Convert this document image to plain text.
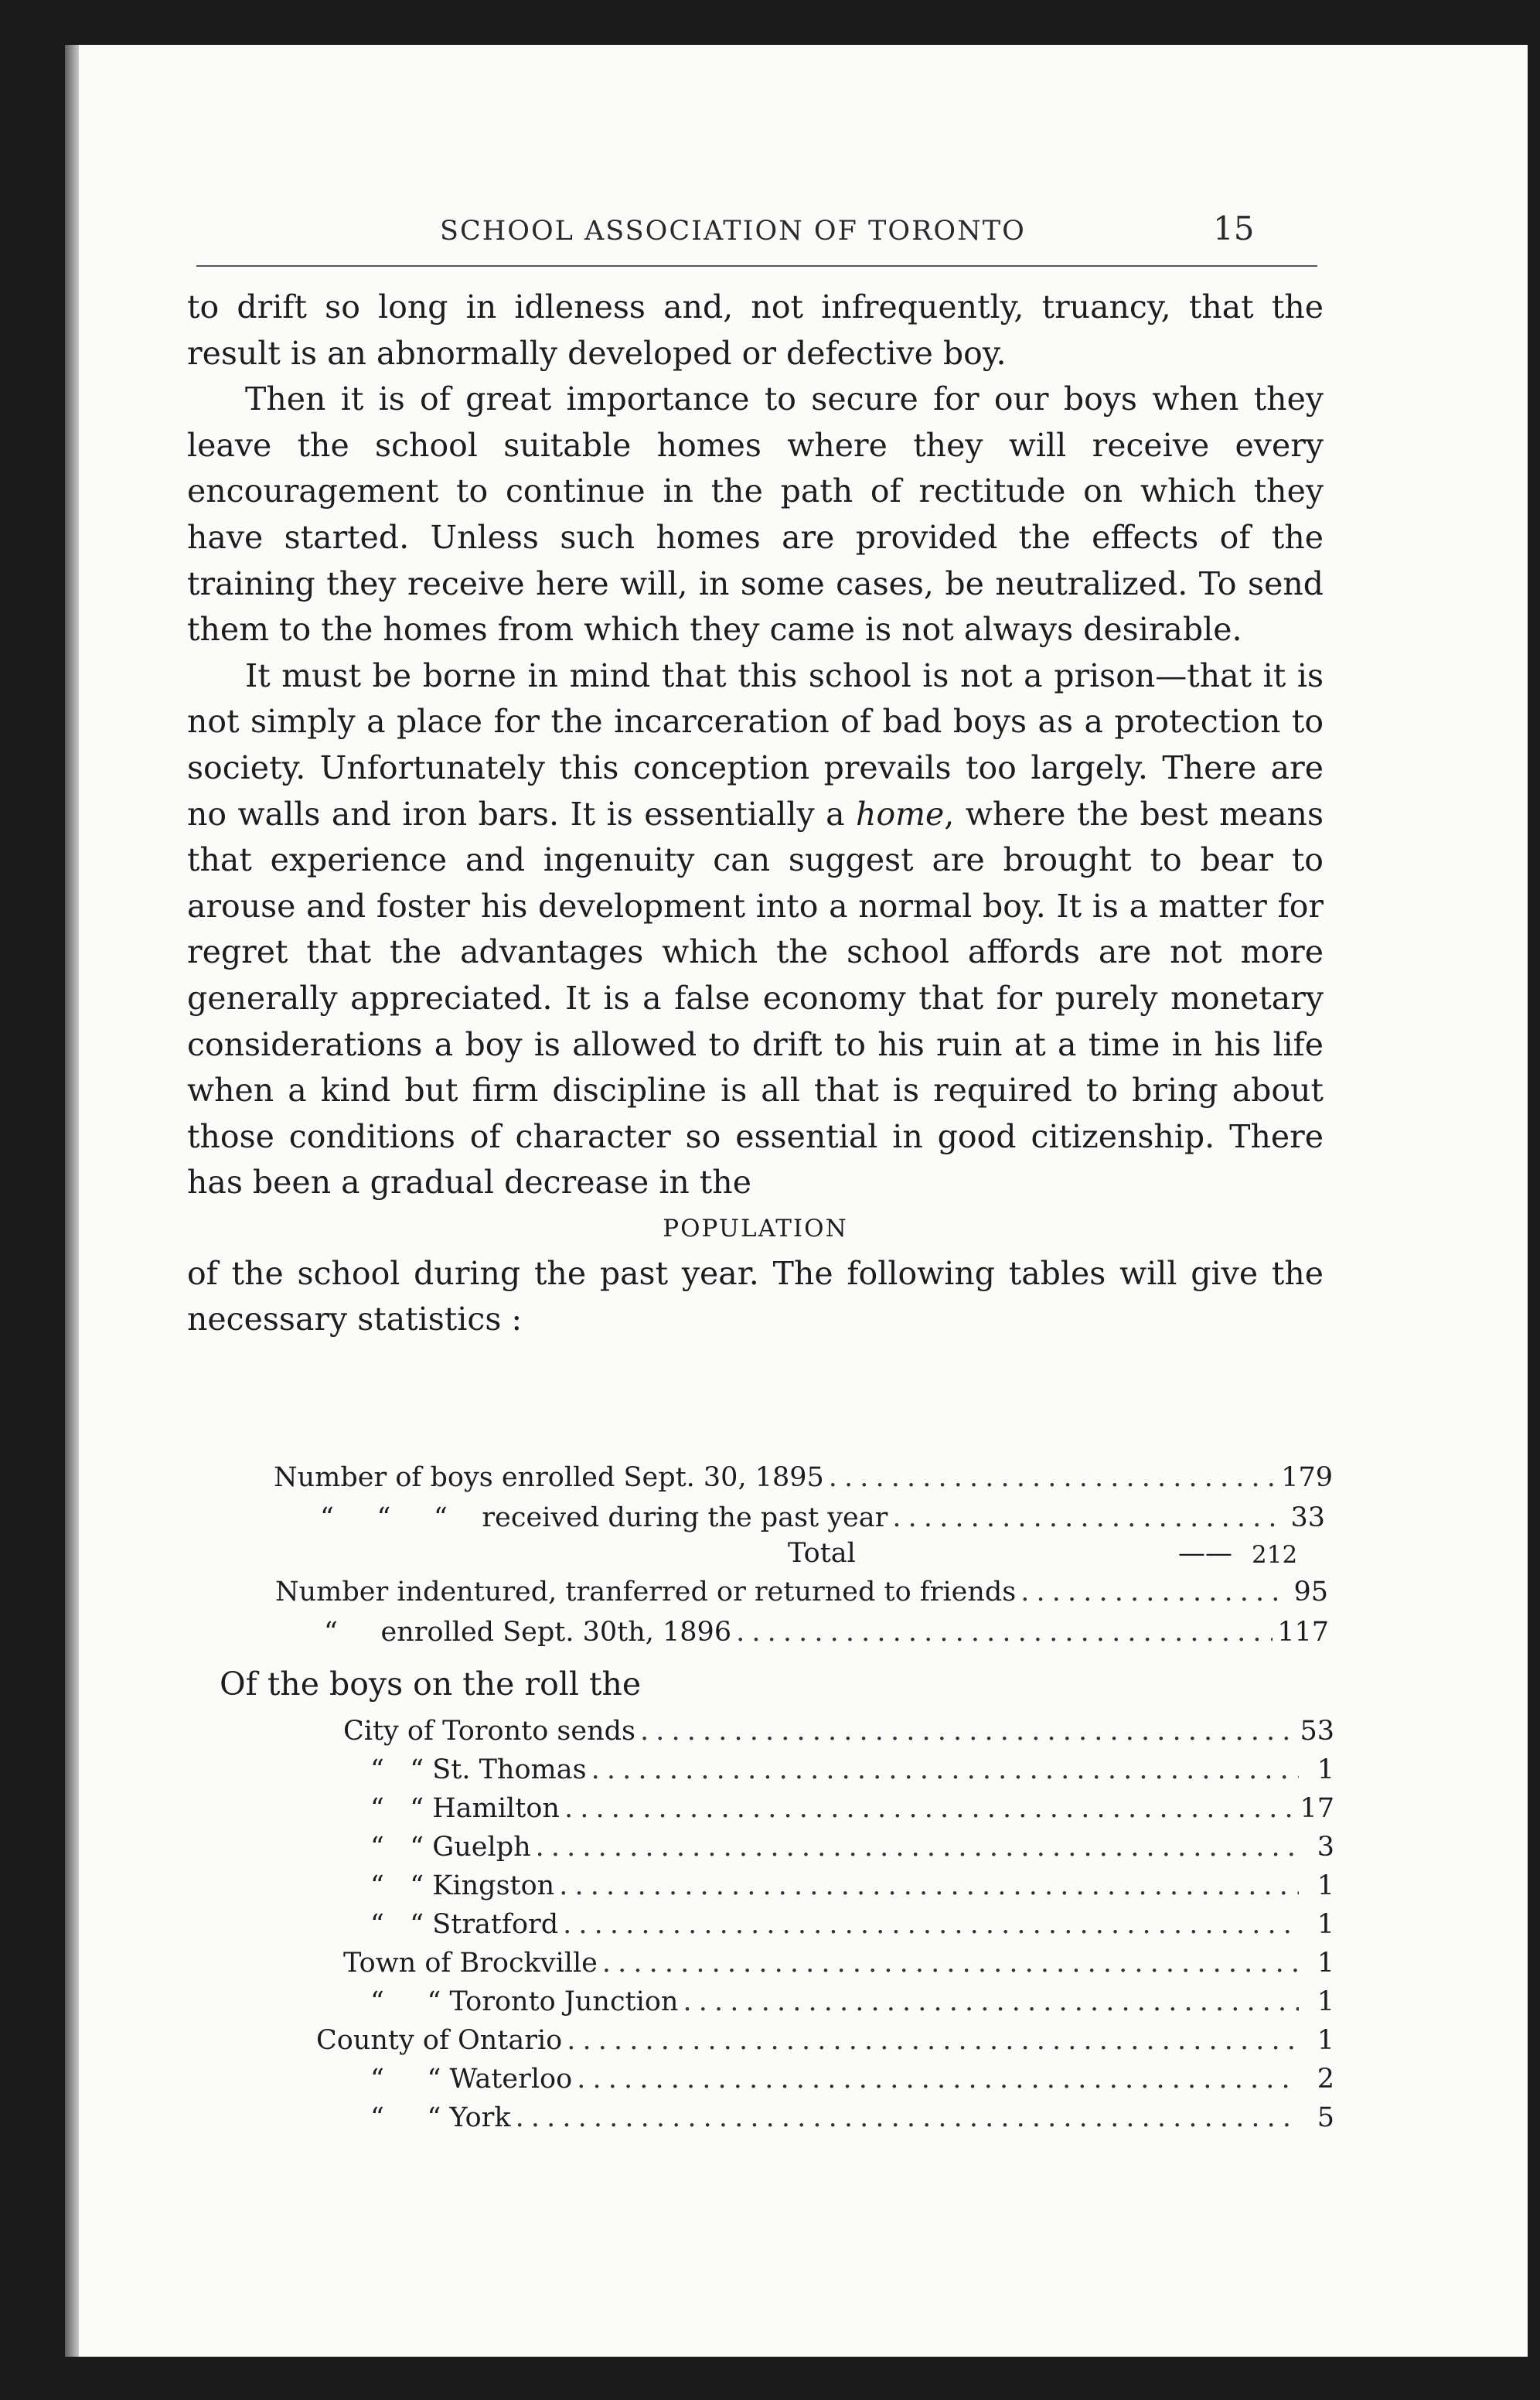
SCHOOL ASSOCIATION OF TORONTO	15

to drift so long in idleness and, not infrequently, truancy, that the result is an abnormally developed or defective boy.

Then it is of great importance to secure for our boys when they leave the school suitable homes where they will receive every encouragement to continue in the path of rectitude on which they have started. Unless such homes are provided the effects of the training they receive here will, in some cases, be neutralized. To send them to the homes from which they came is not always desirable.

It must be borne in mind that this school is not a prison—that it is not simply a place for the incarceration of bad boys as a protection to society. Unfortunately this conception prevails too largely. There are no walls and iron bars. It is essentially a home, where the best means that experience and ingenuity can suggest are brought to bear to arouse and foster his development into a normal boy. It is a matter for regret that the advantages which the school affords are not more generally appreciated. It is a false economy that for purely monetary considerations a boy is allowed to drift to his ruin at a time in his life when a kind but firm discipline is all that is required to bring about those conditions of character so essential in good citizenship. There has been a gradual decrease in the

POPULATION

of the school during the past year. The following tables will give the necessary statistics :

Number of boys enrolled Sept. 30, 1895 . . .	179
“     “     “    received during the past year . . .	33
Total	—— 212
Number indentured, tranferred or returned to friends . . .	95
“     enrolled Sept. 30th, 1896 . . .	117
Of the boys on the roll the
City of Toronto sends . . .	53
“   “ St. Thomas . . .	1
“   “ Hamilton . . .	17
“   “ Guelph . . .	3
“   “ Kingston . . .	1
“   “ Stratford . . .	1
Town of Brockville . . .	1
“     “ Toronto Junction . . .	1
County of Ontario . . .	1
“     “ Waterloo . . .	2
“     “ York . . .	5
